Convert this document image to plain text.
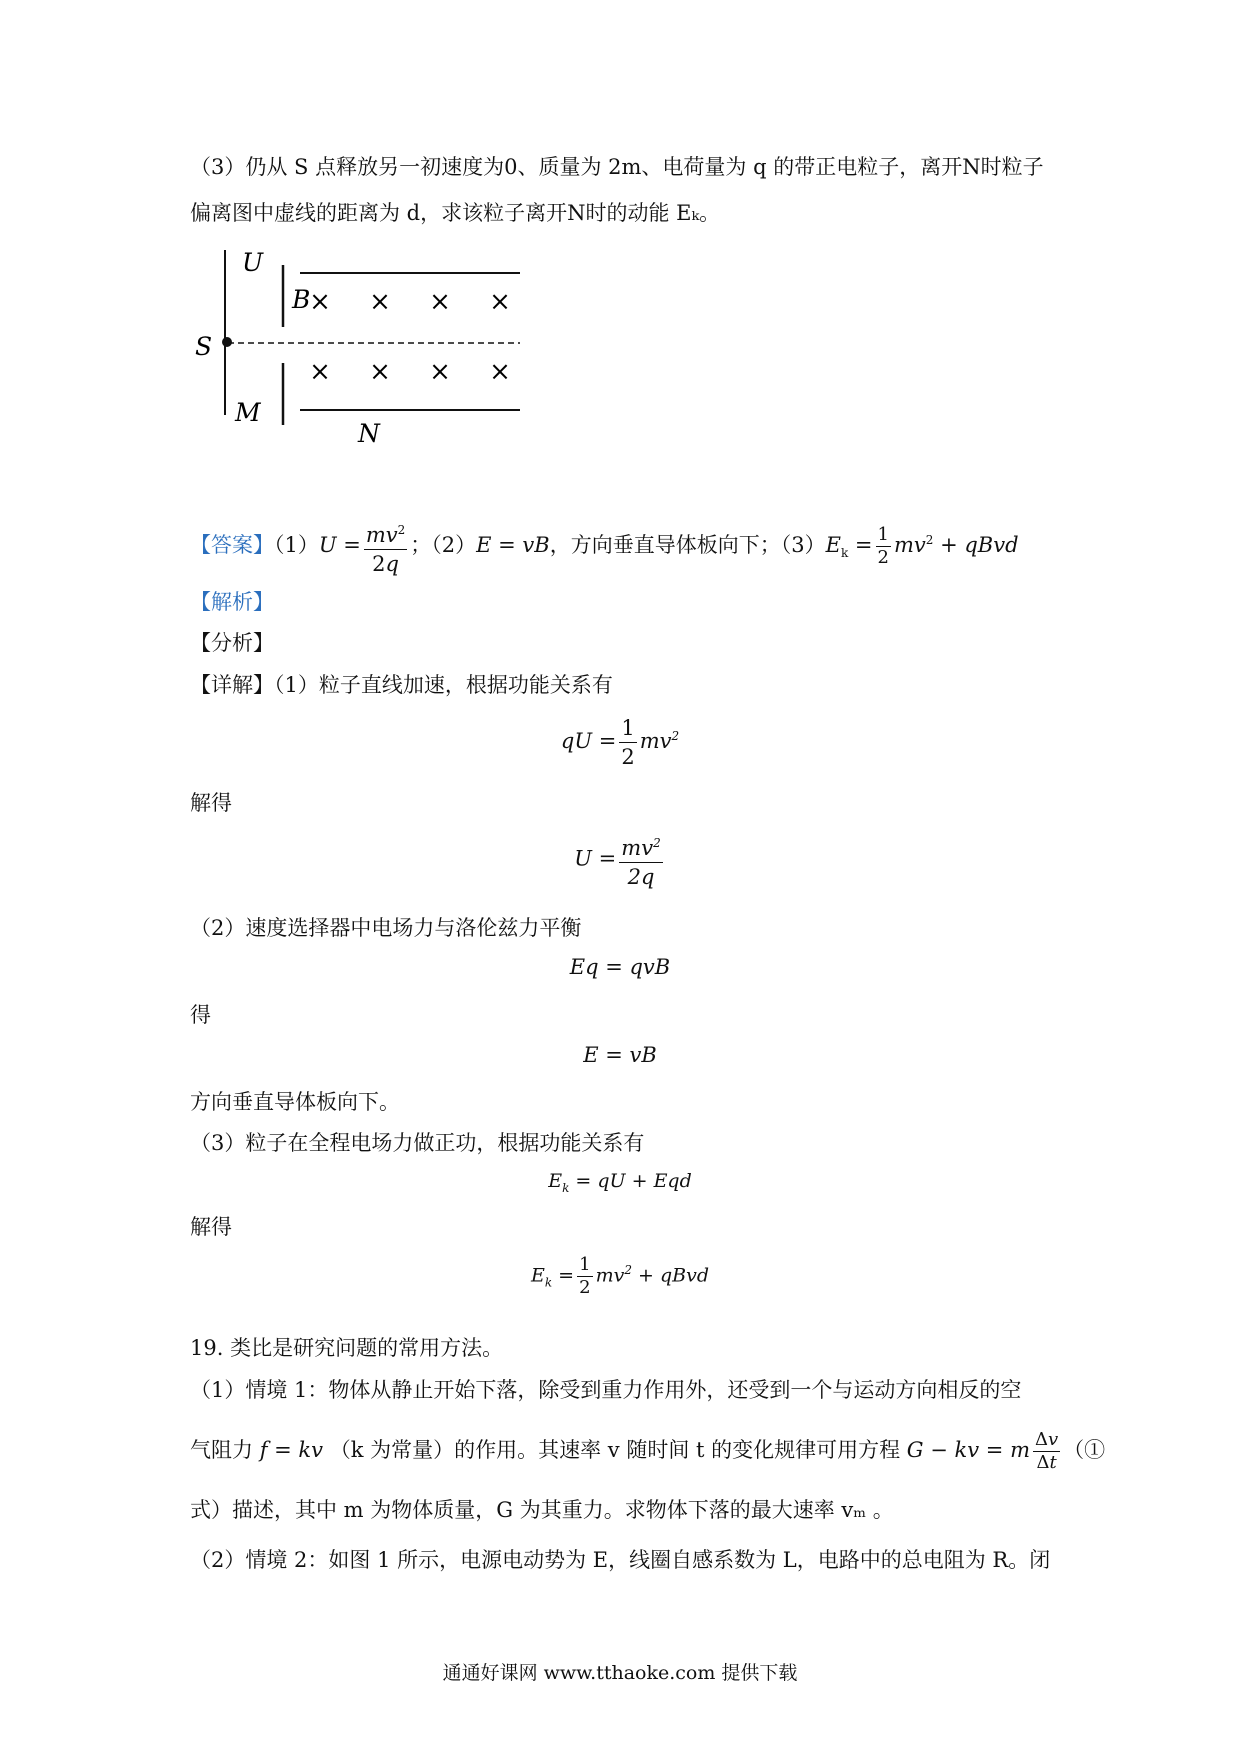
（3）仍从 S 点释放另一初速度为0、质量为 2m、电荷量为 q 的带正电粒子，离开N时粒子
偏离图中虚线的距离为 d，求该粒子离开N时的动能 Eₖ。
U
B
S
M
N
× × × ×
× × × ×
【答案】$(1)U = \frac{mv^2}{2q}$ ；（2）E = vB，方向垂直导体板向下；$(3)E_k = \frac{1}{2} mv^2$ + qBvd
【解析】
【分析】
【详解】（1）粒子直线加速，根据功能关系有
qU = $\frac{1}{2} mv^2$
解得
$U = \frac{mv^2}{2q}$
（2）速度选择器中电场力与洛伦兹力平衡
Eq = qvB
得
E = vB
方向垂直导体板向下。
（3）粒子在全程电场力做正功，根据功能关系有
$E_k$ = qU + Eqd
解得
$E_k = \frac{1}{2} mv^2$ + qBvd
19. 类比是研究问题的常用方法。
（1）情境 1：物体从静止开始下落，除受到重力作用外，还受到一个与运动方向相反的空
气阻力 f = kv （k 为常量）的作用。其速率 v 随时间 t 的变化规律可用方程 G − kv = m $\frac{\Delta v}{\Delta t}$ （①
式）描述，其中 m 为物体质量，G 为其重力。求物体下落的最大速率 vₘ 。
（2）情境 2：如图 1 所示，电源电动势为 E，线圈自感系数为 L，电路中的总电阻为 R。闭
通通好课网 www.tthaoke.com 提供下载
